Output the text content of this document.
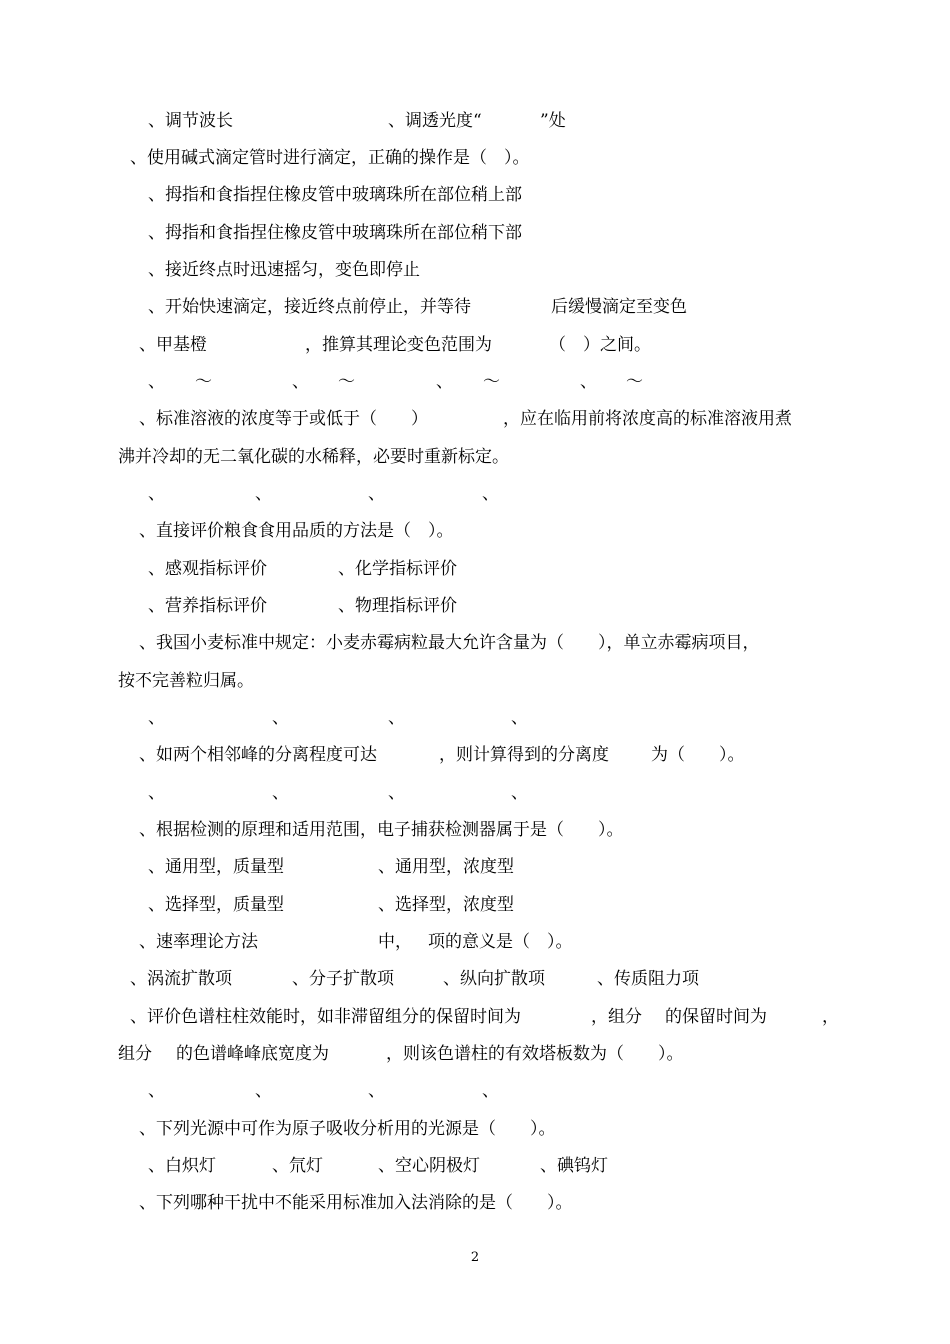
、调节波长

	、调透光度“

	”处

、使用碱式滴定管时进行滴定，正确的操作是（　）。

、拇指和食指捏住橡皮管中玻璃珠所在部位稍上部

、拇指和食指捏住橡皮管中玻璃珠所在部位稍下部

、接近终点时迅速摇匀，变色即停止

、开始快速滴定，接近终点前停止，并等待

	后缓慢滴定至变色

、甲基橙

	，推算其理论变色范围为

	（　）之间。

、

～

	、

～

	、

～

	、

～

、标准溶液的浓度等于或低于（　　）

	，应在临用前将浓度高的标准溶液用煮

沸并冷却的无二氧化碳的水稀释，必要时重新标定。

、

	、

	、

	、

、直接评价粮食食用品质的方法是（　）。

、感观指标评价

	、化学指标评价

、营养指标评价

	、物理指标评价

、我国小麦标准中规定：小麦赤霉病粒最大允许含量为（　　），单立赤霉病项目，

按不完善粒归属。

、

	、

	、

	、

、如两个相邻峰的分离程度可达

	，则计算得到的分离度

为（　　）。

、

	、

	、

	、

、根据检测的原理和适用范围，电子捕获检测器属于是（　　）。

、通用型，质量型

	、通用型，浓度型

、选择型，质量型

	、选择型，浓度型

、速率理论方法

	中，

项的意义是（　）。

、涡流扩散项

	、分子扩散项

	、纵向扩散项

	、传质阻力项

、评价色谱柱柱效能时，如非滞留组分的保留时间为

	，组分

的保留时间为

	，

组分

的色谱峰峰底宽度为

	，则该色谱柱的有效塔板数为（　　）。

、

	、

	、

	、

、下列光源中可作为原子吸收分析用的光源是（　　）。

、白炽灯

	、氘灯

	、空心阴极灯

	、碘钨灯

、下列哪种干扰中不能采用标准加入法消除的是（　　）。

2
